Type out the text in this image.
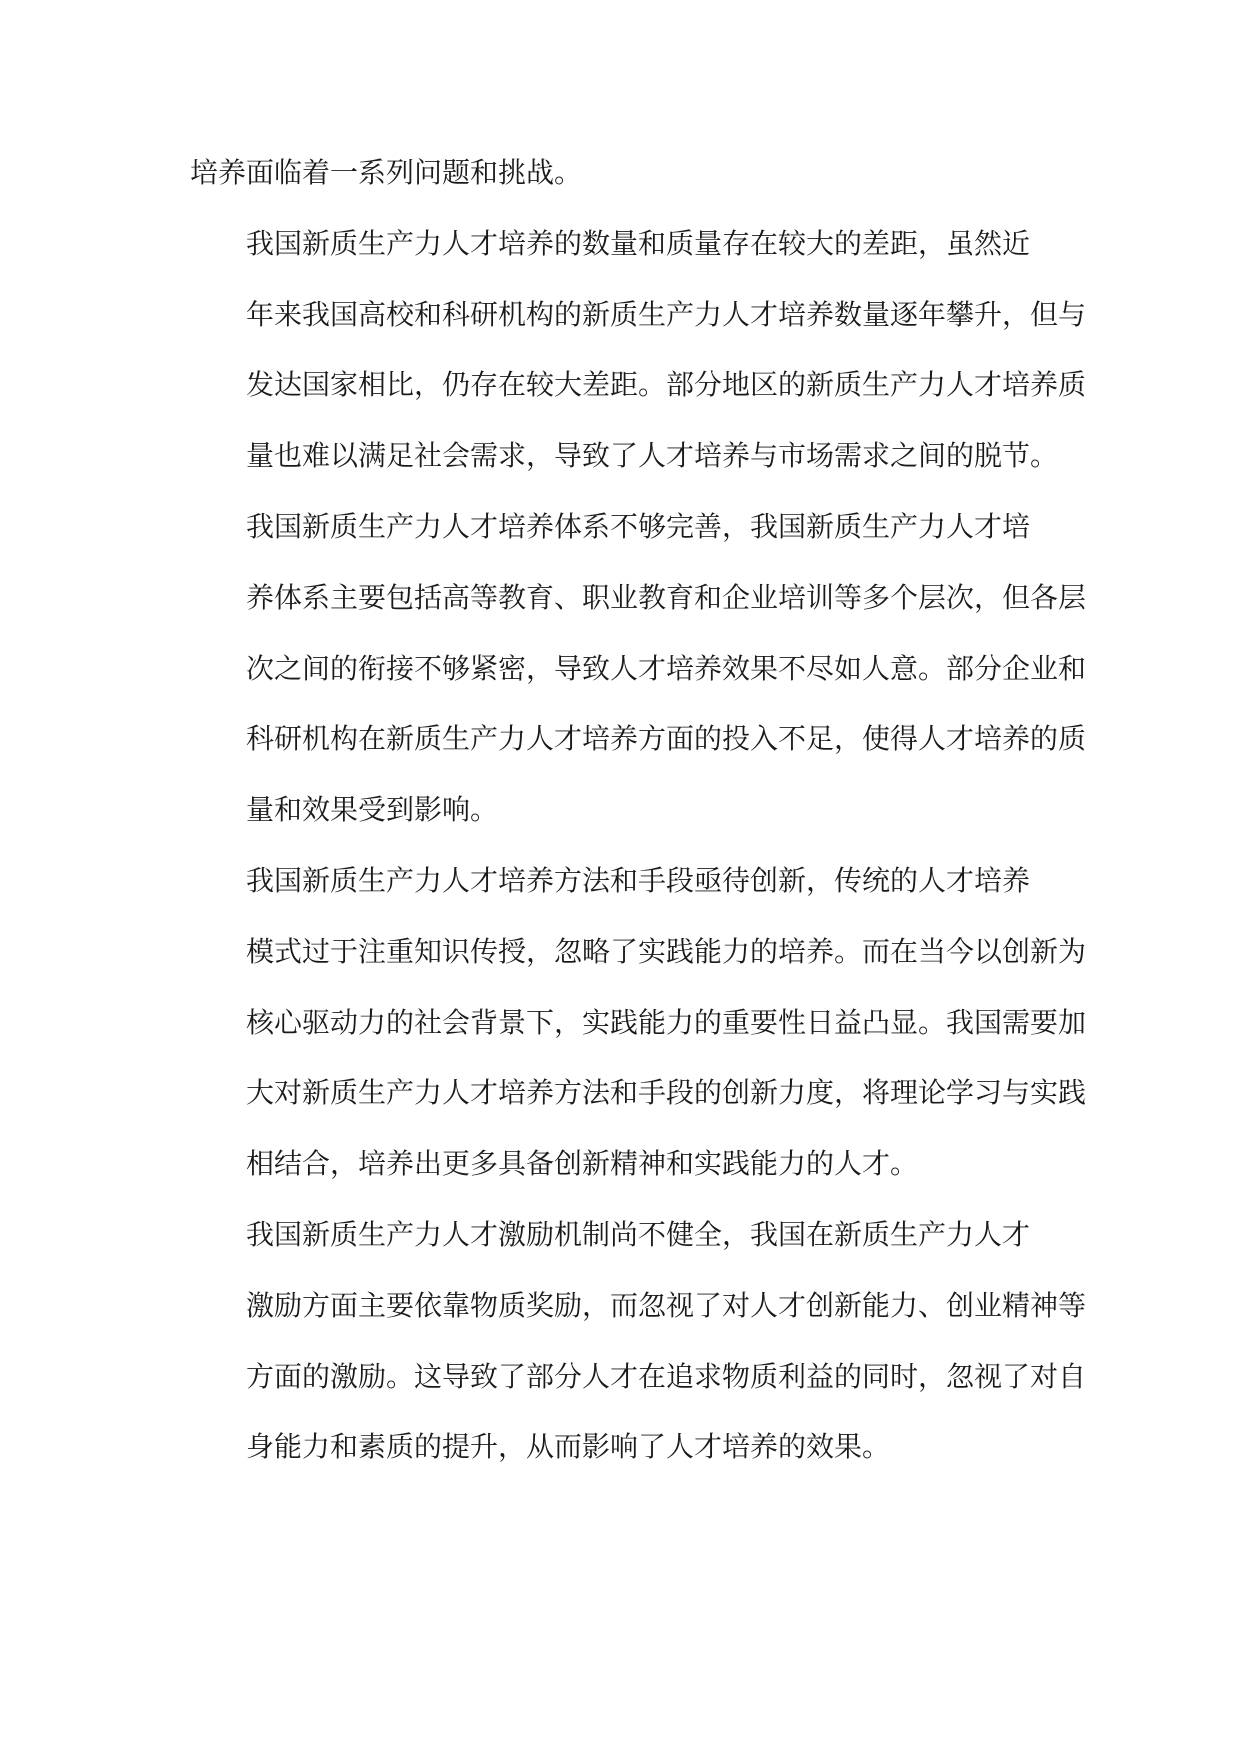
培养面临着一系列问题和挑战。

我国新质生产力人才培养的数量和质量存在较大的差距，虽然近
年来我国高校和科研机构的新质生产力人才培养数量逐年攀升，但与
发达国家相比，仍存在较大差距。部分地区的新质生产力人才培养质
量也难以满足社会需求，导致了人才培养与市场需求之间的脱节。

我国新质生产力人才培养体系不够完善，我国新质生产力人才培
养体系主要包括高等教育、职业教育和企业培训等多个层次，但各层
次之间的衔接不够紧密，导致人才培养效果不尽如人意。部分企业和
科研机构在新质生产力人才培养方面的投入不足，使得人才培养的质
量和效果受到影响。

我国新质生产力人才培养方法和手段亟待创新，传统的人才培养
模式过于注重知识传授，忽略了实践能力的培养。而在当今以创新为
核心驱动力的社会背景下，实践能力的重要性日益凸显。我国需要加
大对新质生产力人才培养方法和手段的创新力度，将理论学习与实践
相结合，培养出更多具备创新精神和实践能力的人才。

我国新质生产力人才激励机制尚不健全，我国在新质生产力人才
激励方面主要依靠物质奖励，而忽视了对人才创新能力、创业精神等
方面的激励。这导致了部分人才在追求物质利益的同时，忽视了对自
身能力和素质的提升，从而影响了人才培养的效果。
